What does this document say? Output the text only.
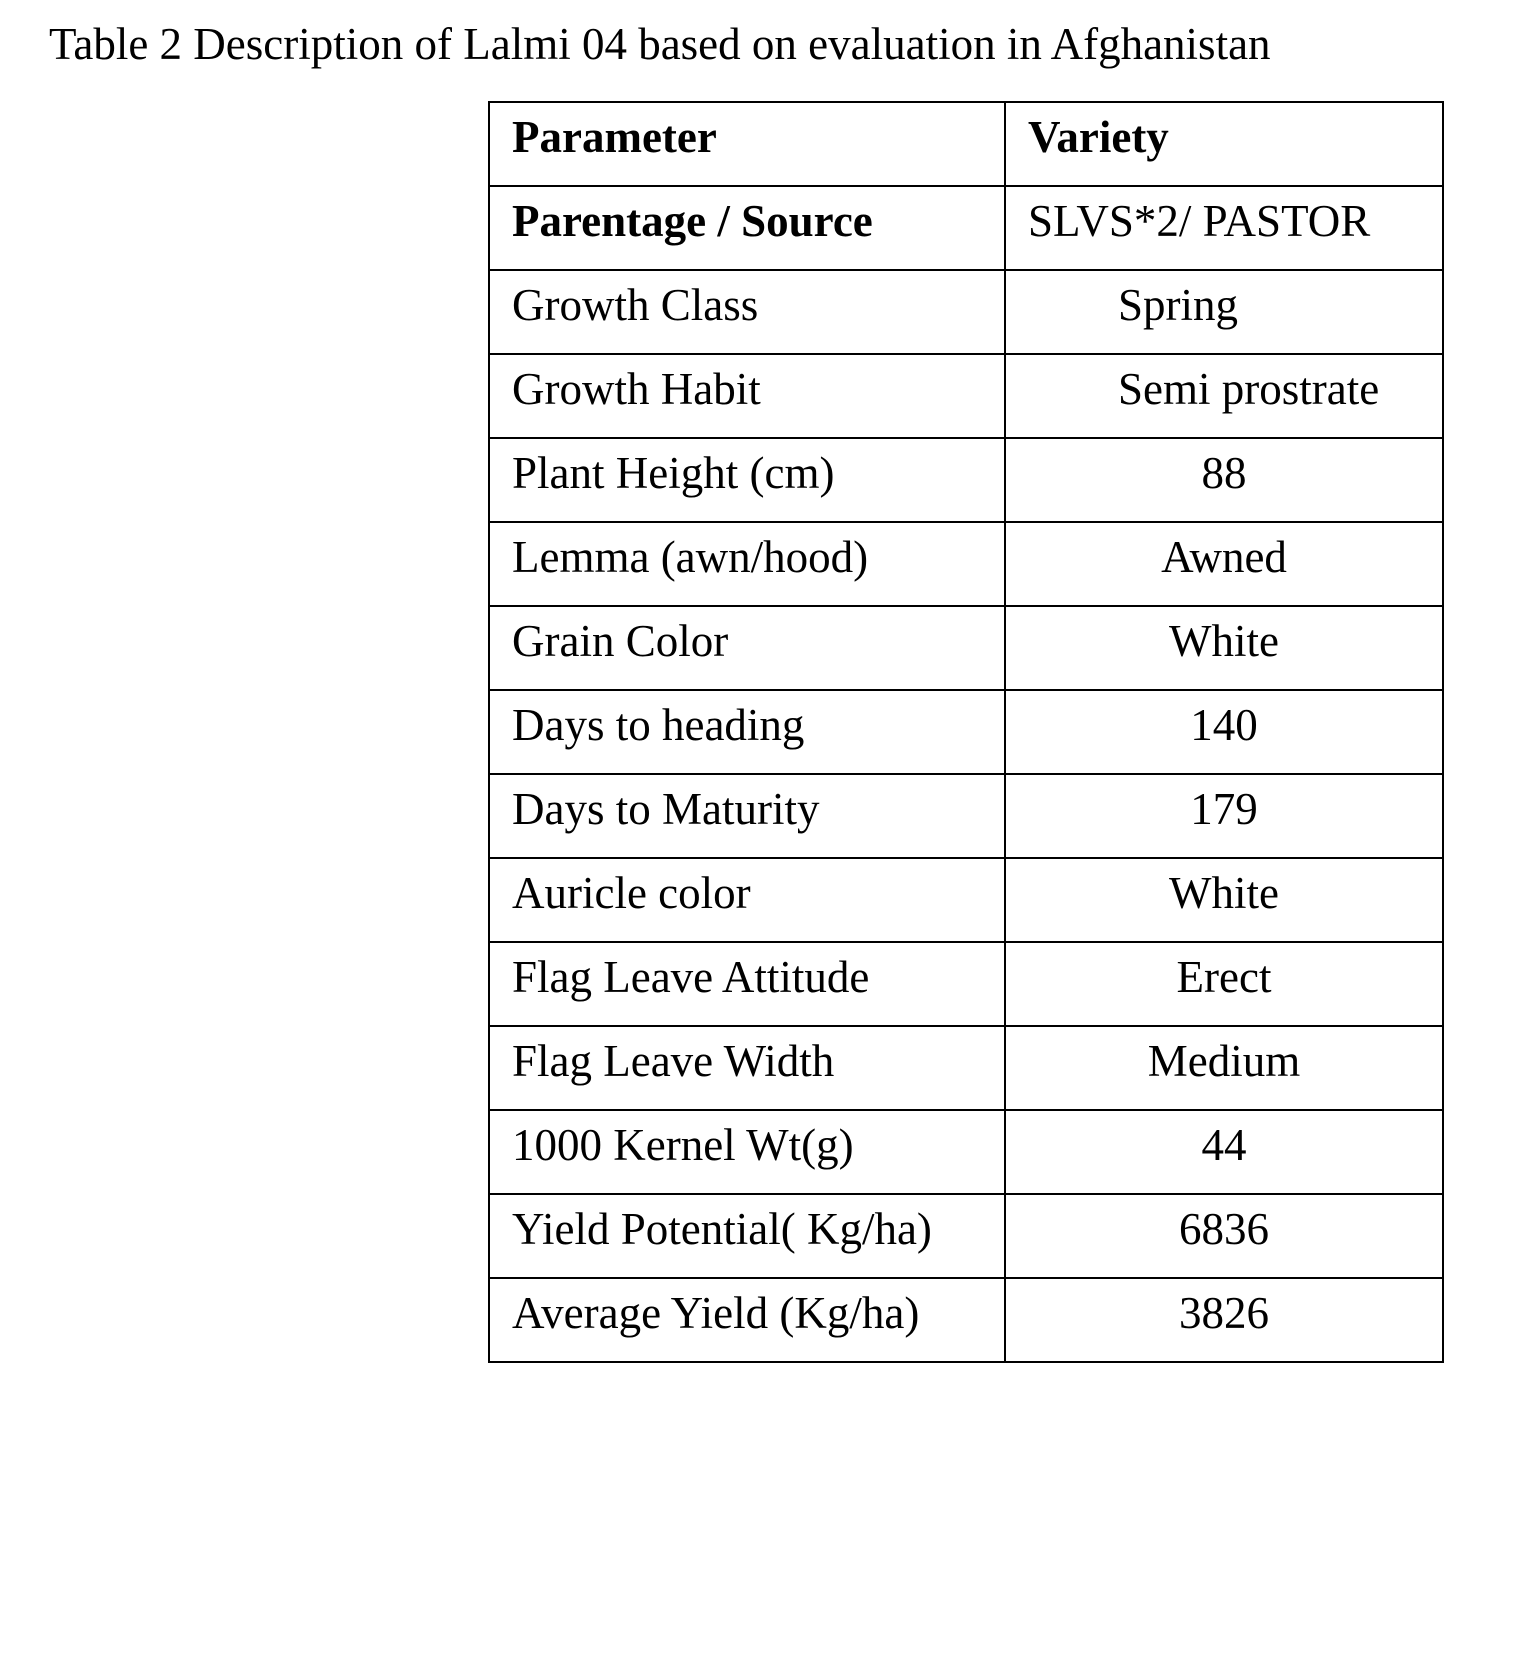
Table 2 Description of Lalmi 04 based on evaluation in Afghanistan
Parameter	Variety
Parentage / Source	SLVS*2/ PASTOR
Growth Class	Spring
Growth Habit	Semi prostrate
Plant Height (cm)	88
Lemma (awn/hood)	Awned
Grain Color	White
Days to heading	140
Days to Maturity	179
Auricle color	White
Flag Leave Attitude	Erect
Flag Leave Width	Medium
1000 Kernel Wt(g)	44
Yield Potential( Kg/ha)	6836
Average Yield (Kg/ha)	3826
